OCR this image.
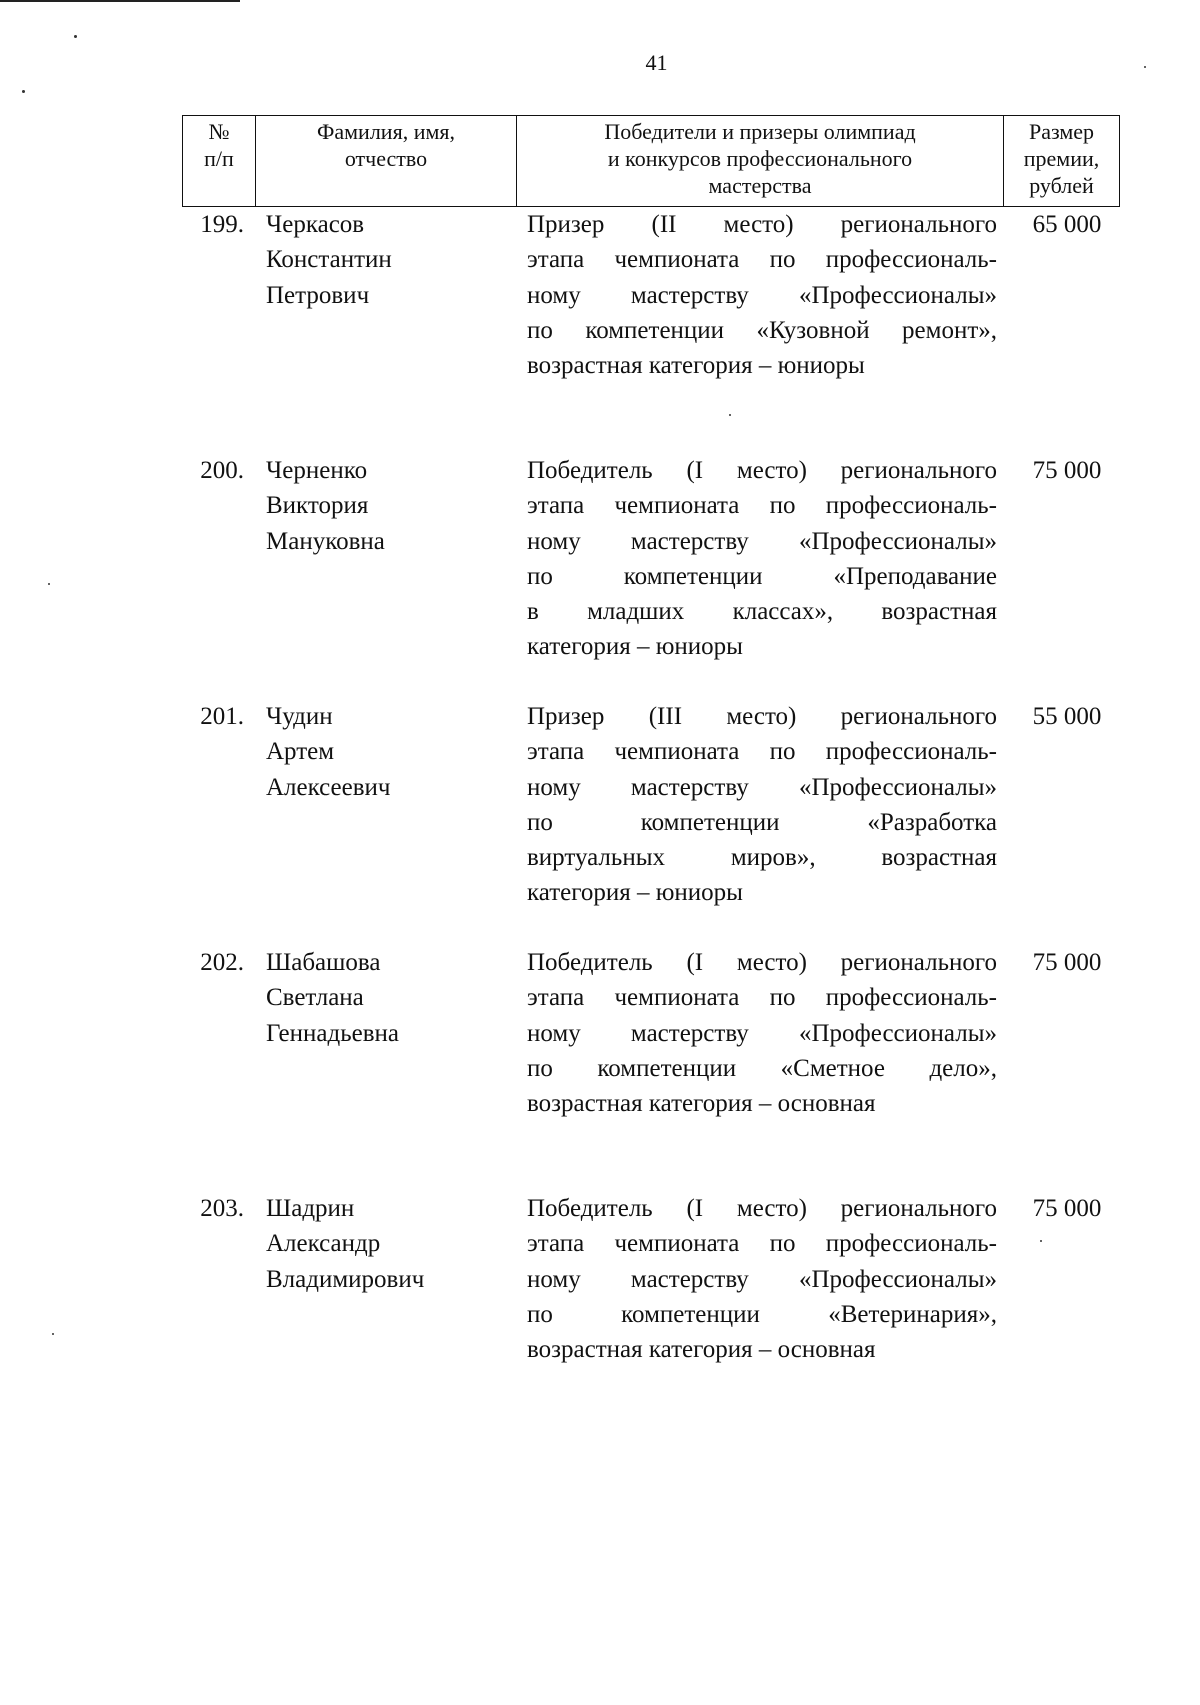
41
№
п/п
Фамилия, имя,
отчество
Победители и призеры олимпиад
и конкурсов профессионального
мастерства
Размер
премии,
рублей
199. Черкасов
Константин
Петрович
Призер (II место) регионального
этапа чемпионата по профессиональ-
ному мастерству «Профессионалы»
по компетенции «Кузовной ремонт»,
возрастная категория – юниоры
65 000
200. Черненко
Виктория
Мануковна
Победитель (I место) регионального
этапа чемпионата по профессиональ-
ному мастерству «Профессионалы»
по компетенции «Преподавание
в младших классах», возрастная
категория – юниоры
75 000
201. Чудин
Артем
Алексеевич
Призер (III место) регионального
этапа чемпионата по профессиональ-
ному мастерству «Профессионалы»
по компетенции «Разработка
виртуальных миров», возрастная
категория – юниоры
55 000
202. Шабашова
Светлана
Геннадьевна
Победитель (I место) регионального
этапа чемпионата по профессиональ-
ному мастерству «Профессионалы»
по компетенции «Сметное дело»,
возрастная категория – основная
75 000
203. Шадрин
Александр
Владимирович
Победитель (I место) регионального
этапа чемпионата по профессиональ-
ному мастерству «Профессионалы»
по компетенции «Ветеринария»,
возрастная категория – основная
75 000
